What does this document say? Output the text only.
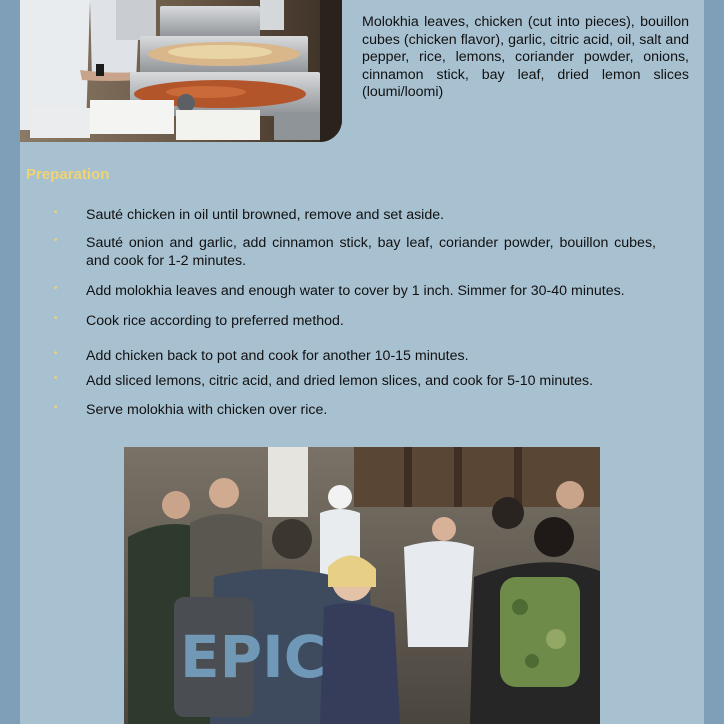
Molokhia leaves, chicken (cut into pieces), bouillon cubes (chicken flavor), garlic, citric acid, oil, salt and pepper, rice, lemons, coriander powder, onions, cinnamon stick, bay leaf, dried lemon slices (loumi/loomi)

Preparation
•	Sauté chicken in oil until browned, remove and set aside.
•	Sauté onion and garlic, add cinnamon stick, bay leaf, coriander powder, bouillon cubes, and cook for 1-2 minutes.
•	Add molokhia leaves and enough water to cover by 1 inch. Simmer for 30-40 minutes.
•	Cook rice according to preferred method.
•	Add chicken back to pot and cook for another 10-15 minutes.
•	Add sliced lemons, citric acid, and dried lemon slices, and cook for 5-10 minutes.
•	Serve molokhia with chicken over rice.
EPIC
